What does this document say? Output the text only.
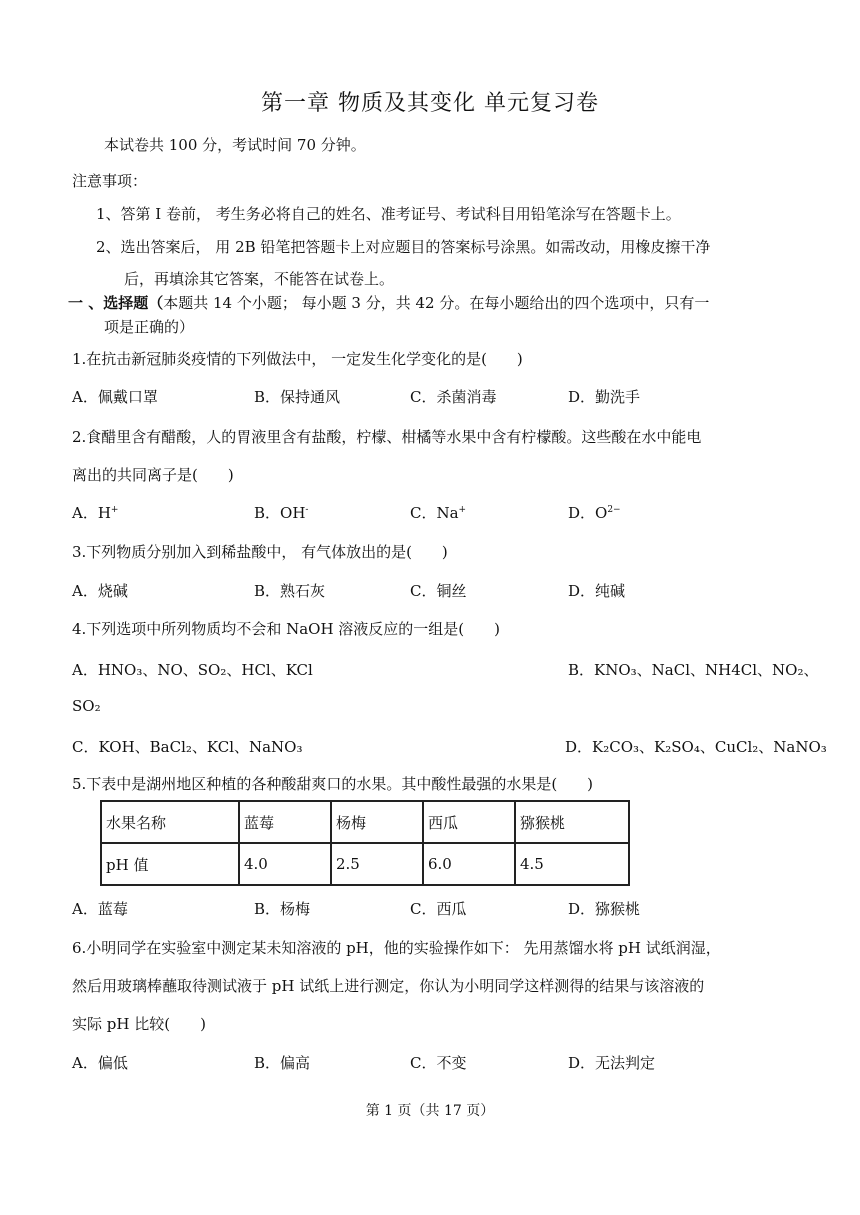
第一章 物质及其变化 单元复习卷
本试卷共 100 分，考试时间 70 分钟。
注意事项：
1、答第 I 卷前， 考生务必将自己的姓名、准考证号、考试科目用铅笔涂写在答题卡上。
2、选出答案后， 用 2B 铅笔把答题卡上对应题目的答案标号涂黑。如需改动，用橡皮擦干净
后，再填涂其它答案，不能答在试卷上。
一 、选择题（本题共 14 个小题； 每小题 3 分，共 42 分。在每小题给出的四个选项中，只有一
项是正确的）
1.在抗击新冠肺炎疫情的下列做法中， 一定发生化学变化的是(　　)
A．佩戴口罩	B．保持通风	C．杀菌消毒	D．勤洗手
2.食醋里含有醋酸，人的胃液里含有盐酸，柠檬、柑橘等水果中含有柠檬酸。这些酸在水中能电
离出的共同离子是(　　)
A．H+	B．OH-	C．Na+	D．$O^{2-}$
3.下列物质分别加入到稀盐酸中， 有气体放出的是(　　)
A．烧碱	B．熟石灰	C．铜丝	D．纯碱
4.下列选项中所列物质均不会和 NaOH 溶液反应的一组是(　　)
A．HNO₃、NO、SO₂、HCl、KCl	B．KNO₃、NaCl、NH4Cl、NO₂、
SO₂
C．KOH、BaCl₂、KCl、NaNO₃	D．K₂CO₃、K₂SO₄、CuCl₂、NaNO₃
5.下表中是湖州地区种植的各种酸甜爽口的水果。其中酸性最强的水果是(　　)
水果名称	蓝莓	杨梅	西瓜	猕猴桃
pH 值	4.0	2.5	6.0	4.5
A．蓝莓	B．杨梅	C．西瓜	D．猕猴桃
6.小明同学在实验室中测定某未知溶液的 pH，他的实验操作如下： 先用蒸馏水将 pH 试纸润湿，
然后用玻璃棒蘸取待测试液于 pH 试纸上进行测定，你认为小明同学这样测得的结果与该溶液的
实际 pH 比较(　　)
A．偏低	B．偏高	C．不变	D．无法判定
第 1 页（共 17 页）
